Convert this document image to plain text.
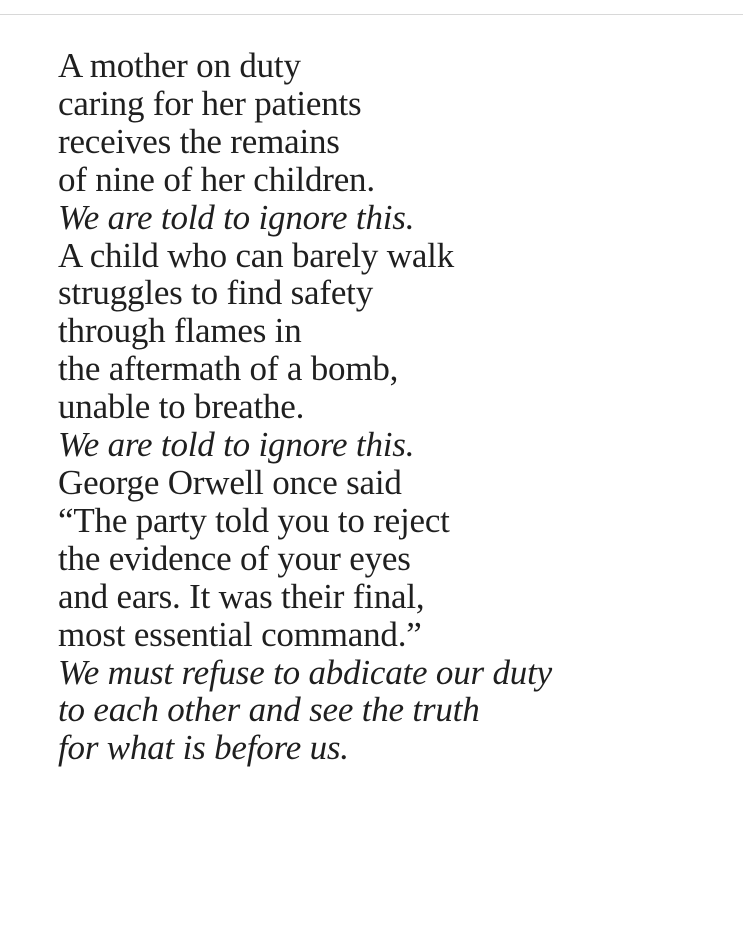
A mother on duty
caring for her patients
receives the remains
of nine of her children.
We are told to ignore this.
A child who can barely walk
struggles to find safety
through flames in
the aftermath of a bomb,
unable to breathe.
We are told to ignore this.
George Orwell once said
“The party told you to reject
the evidence of your eyes
and ears. It was their final,
most essential command.”
We must refuse to abdicate our duty
to each other and see the truth
for what is before us.
